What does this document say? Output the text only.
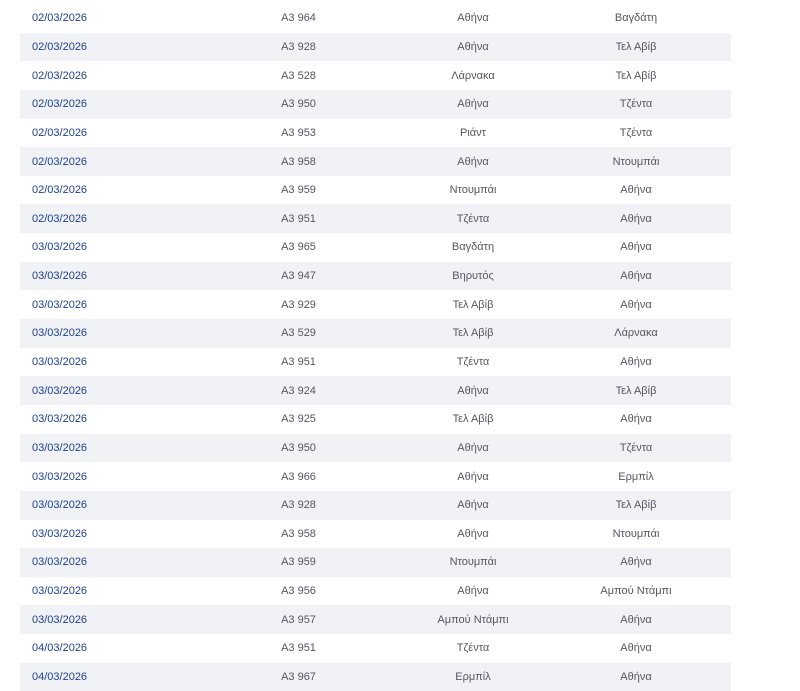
02/03/2026	A3 964	Αθήνα	Βαγδάτη
02/03/2026	A3 928	Αθήνα	Τελ Αβίβ
02/03/2026	A3 528	Λάρνακα	Τελ Αβίβ
02/03/2026	A3 950	Αθήνα	Τζέντα
02/03/2026	A3 953	Ριάντ	Τζέντα
02/03/2026	A3 958	Αθήνα	Ντουμπάι
02/03/2026	A3 959	Ντουμπάι	Αθήνα
02/03/2026	A3 951	Τζέντα	Αθήνα
03/03/2026	A3 965	Βαγδάτη	Αθήνα
03/03/2026	A3 947	Βηρυτός	Αθήνα
03/03/2026	A3 929	Τελ Αβίβ	Αθήνα
03/03/2026	A3 529	Τελ Αβίβ	Λάρνακα
03/03/2026	A3 951	Τζέντα	Αθήνα
03/03/2026	A3 924	Αθήνα	Τελ Αβίβ
03/03/2026	A3 925	Τελ Αβίβ	Αθήνα
03/03/2026	A3 950	Αθήνα	Τζέντα
03/03/2026	A3 966	Αθήνα	Ερμπίλ
03/03/2026	A3 928	Αθήνα	Τελ Αβίβ
03/03/2026	A3 958	Αθήνα	Ντουμπάι
03/03/2026	A3 959	Ντουμπάι	Αθήνα
03/03/2026	A3 956	Αθήνα	Αμπού Ντάμπι
03/03/2026	A3 957	Αμπού Ντάμπι	Αθήνα
04/03/2026	A3 951	Τζέντα	Αθήνα
04/03/2026	A3 967	Ερμπίλ	Αθήνα
